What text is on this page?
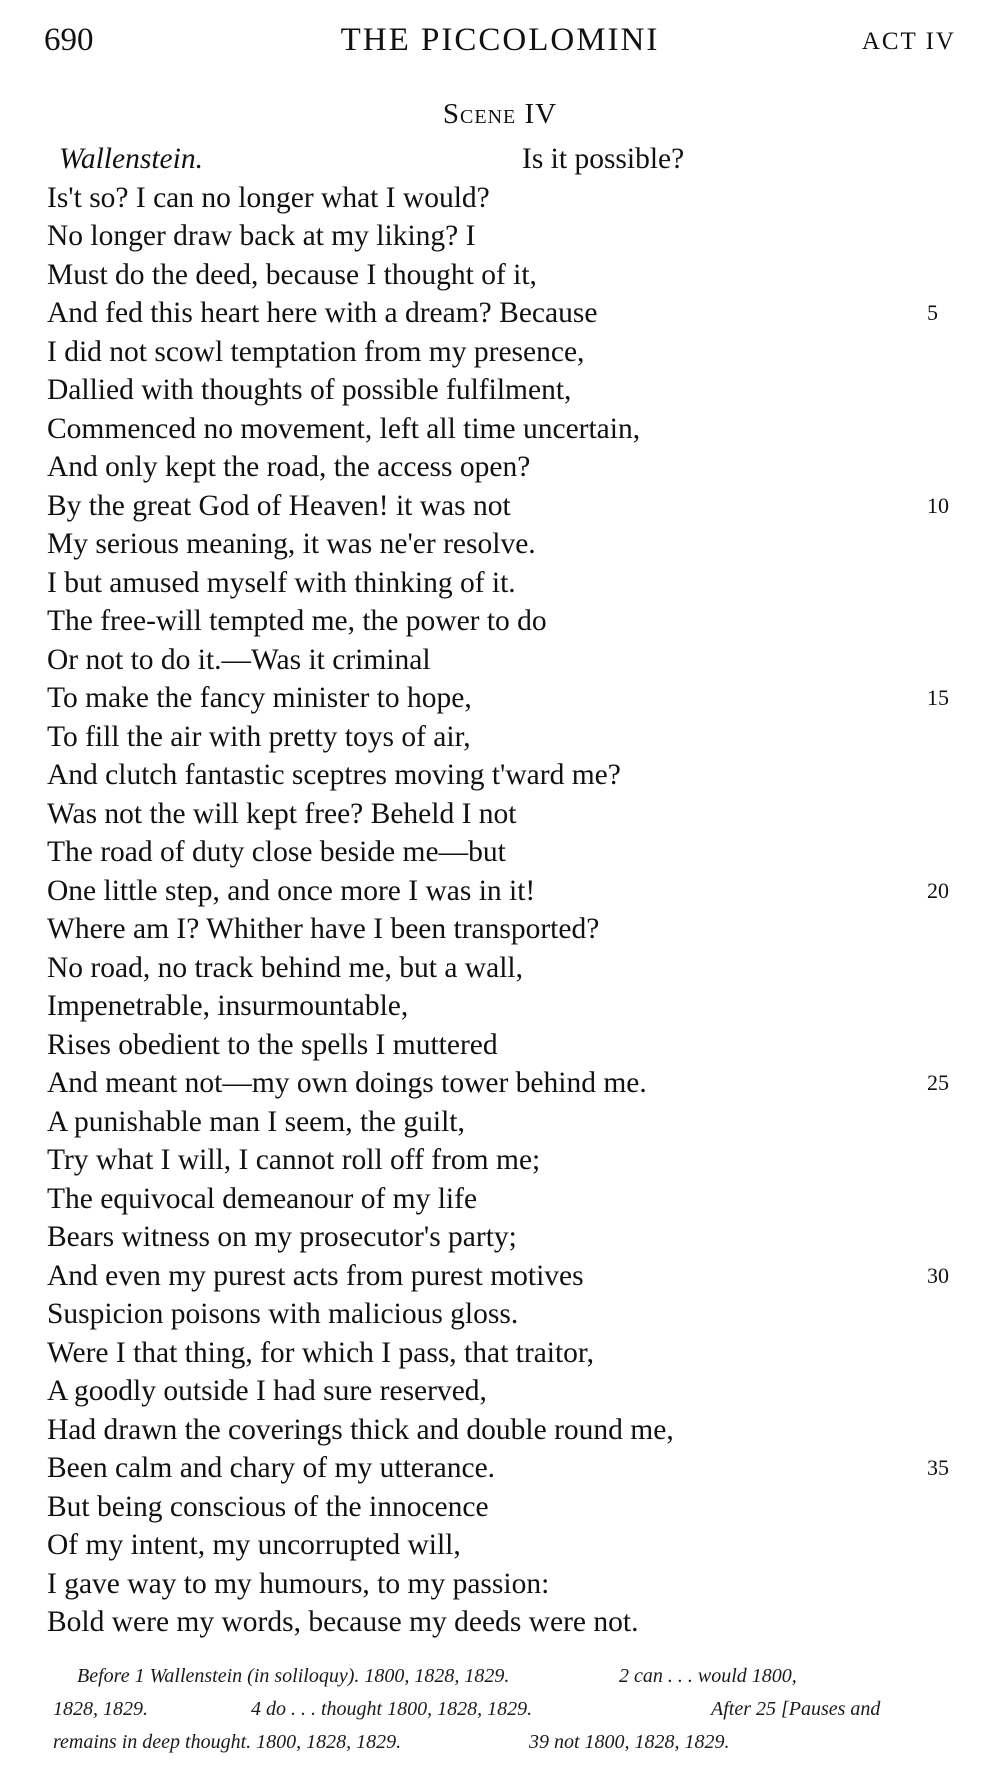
690	THE PICCOLOMINI	ACT IV
Scene IV
Wallenstein.	Is it possible?
Is't so? I can no longer what I would?
No longer draw back at my liking? I
Must do the deed, because I thought of it,
And fed this heart here with a dream? Because	5
I did not scowl temptation from my presence,
Dallied with thoughts of possible fulfilment,
Commenced no movement, left all time uncertain,
And only kept the road, the access open?
By the great God of Heaven! it was not	10
My serious meaning, it was ne'er resolve.
I but amused myself with thinking of it.
The free-will tempted me, the power to do
Or not to do it.—Was it criminal
To make the fancy minister to hope,	15
To fill the air with pretty toys of air,
And clutch fantastic sceptres moving t'ward me?
Was not the will kept free? Beheld I not
The road of duty close beside me—but
One little step, and once more I was in it!	20
Where am I? Whither have I been transported?
No road, no track behind me, but a wall,
Impenetrable, insurmountable,
Rises obedient to the spells I muttered
And meant not—my own doings tower behind me.	25
A punishable man I seem, the guilt,
Try what I will, I cannot roll off from me;
The equivocal demeanour of my life
Bears witness on my prosecutor's party;
And even my purest acts from purest motives	30
Suspicion poisons with malicious gloss.
Were I that thing, for which I pass, that traitor,
A goodly outside I had sure reserved,
Had drawn the coverings thick and double round me,
Been calm and chary of my utterance.	35
But being conscious of the innocence
Of my intent, my uncorrupted will,
I gave way to my humours, to my passion:
Bold were my words, because my deeds were not.
Before 1 Wallenstein (in soliloquy). 1800, 1828, 1829.	2 can . . . would 1800,
1828, 1829.	4 do . . . thought 1800, 1828, 1829.	After 25 [Pauses and
remains in deep thought. 1800, 1828, 1829.	39 not 1800, 1828, 1829.
